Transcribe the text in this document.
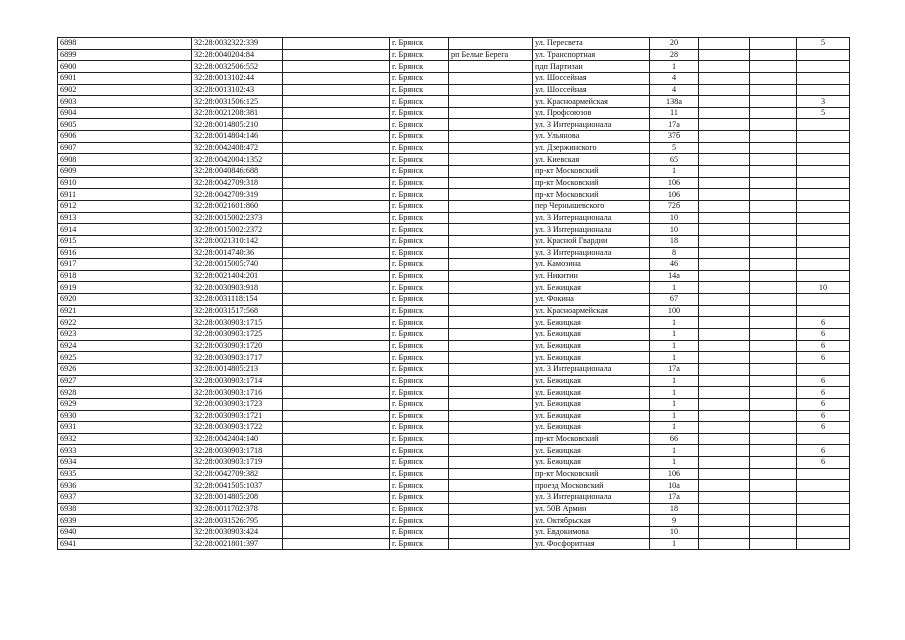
6898	32:28:0032322:339		г. Брянск		ул. Пересвета	20			5
6899	32:28:0040204:84		г. Брянск	рп Белые Берега	ул. Транспортная	28			
6900	32:28:0032506:552		г. Брянск		пдп Партизан	1			
6901	32:28:0013102:44		г. Брянск		ул. Шоссейная	4			
6902	32:28:0013102:43		г. Брянск		ул. Шоссейная	4			
6903	32:28:0031506:125		г. Брянск		ул. Красноармейская	138а			3
6904	32:28:0021208:381		г. Брянск		ул. Профсоюзов	11			5
6905	32:28:0014805:210		г. Брянск		ул. 3 Интернационала	17а			
6906	32:28:0014804:146		г. Брянск		ул. Ульянова	37б			
6907	32:28:0042408:472		г. Брянск		ул. Дзержинского	5			
6908	32:28:0042004:1352		г. Брянск		ул. Киевская	65			
6909	32:28:0040846:688		г. Брянск		пр-кт Московский	1			
6910	32:28:0042709:318		г. Брянск		пр-кт Московский	106			
6911	32:28:0042709:319		г. Брянск		пр-кт Московский	106			
6912	32:28:0021601:860		г. Брянск		пер Чернышевского	72б			
6913	32:28:0015002:2373		г. Брянск		ул. 3 Интернационала	10			
6914	32:28:0015002:2372		г. Брянск		ул. 3 Интернационала	10			
6915	32:28:0021310:142		г. Брянск		ул. Красной Гвардии	18			
6916	32:28:0014740:36		г. Брянск		ул. 3 Интернационала	8			
6917	32:28:0015005:740		г. Брянск		ул. Камозина	46			
6918	32:28:0021404:201		г. Брянск		ул. Никитин	14а			
6919	32:28:0030903:918		г. Брянск		ул. Бежицкая	1			10
6920	32:28:0031118:154		г. Брянск		ул. Фокина	67			
6921	32:28:0031517:568		г. Брянск		ул. Красноармейская	100			
6922	32:28:0030903:1715		г. Брянск		ул. Бежицкая	1			6
6923	32:28:0030903:1725		г. Брянск		ул. Бежицкая	1			6
6924	32:28:0030903:1720		г. Брянск		ул. Бежицкая	1			6
6925	32:28:0030903:1717		г. Брянск		ул. Бежицкая	1			6
6926	32:28:0014805:213		г. Брянск		ул. 3 Интернационала	17а			
6927	32:28:0030903:1714		г. Брянск		ул. Бежицкая	1			6
6928	32:28:0030903:1716		г. Брянск		ул. Бежицкая	1			6
6929	32:28:0030903:1723		г. Брянск		ул. Бежицкая	1			6
6930	32:28:0030903:1721		г. Брянск		ул. Бежицкая	1			6
6931	32:28:0030903:1722		г. Брянск		ул. Бежицкая	1			6
6932	32:28:0042404:140		г. Брянск		пр-кт Московский	66			
6933	32:28:0030903:1718		г. Брянск		ул. Бежицкая	1			6
6934	32:28:0030903:1719		г. Брянск		ул. Бежицкая	1			6
6935	32:28:0042709:382		г. Брянск		пр-кт Московский	106			
6936	32:28:0041505:1037		г. Брянск		проезд Московский	10а			
6937	32:28:0014805:208		г. Брянск		ул. 3 Интернационала	17а			
6938	32:28:0011702:378		г. Брянск		ул. 50В Армин	18			
6939	32:28:0031526:795		г. Брянск		ул. Октябрьская	9			
6940	32:28:0030903:424		г. Брянск		ул. Евдокимова	10			
6941	32:28:0021801:397		г. Брянск		ул. Фосфоритная	1			
